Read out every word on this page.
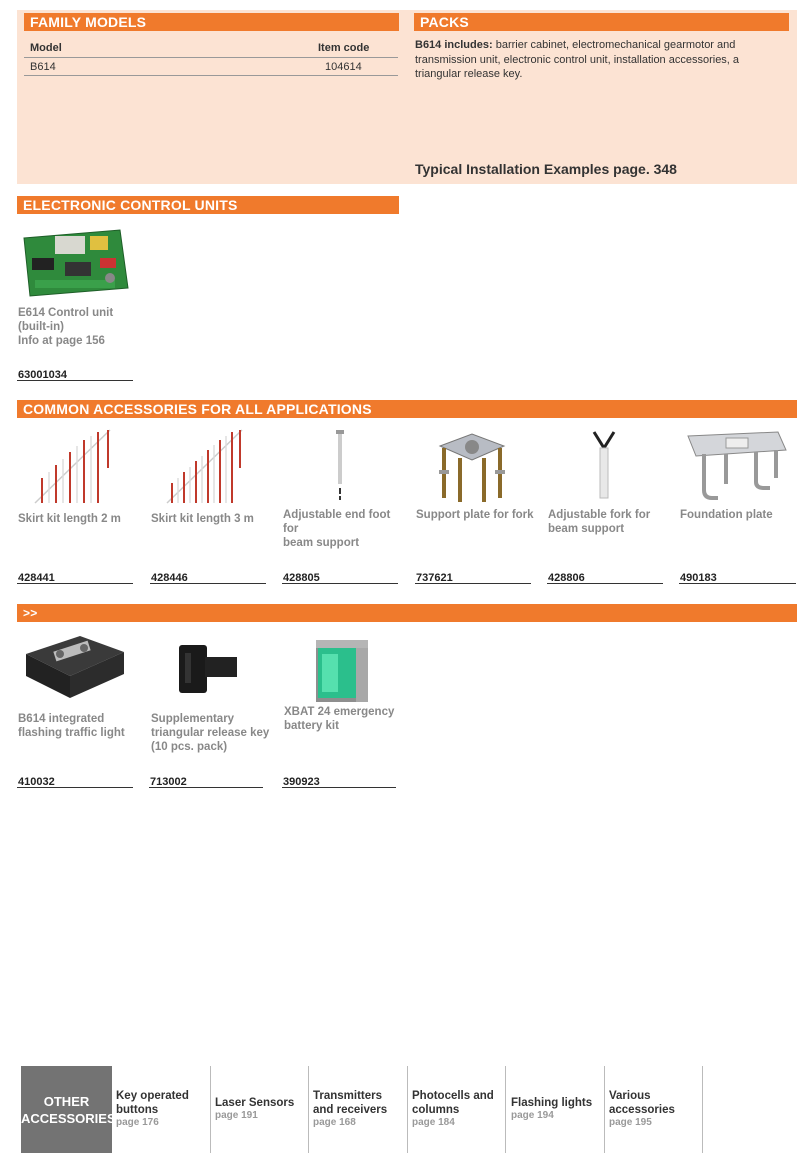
FAMILY MODELS
Model	Item code
B614	104614
PACKS
B614 includes: barrier cabinet, electromechanical gearmotor and
transmission unit, electronic control unit, installation accessories, a
triangular release key.
Typical Installation Examples page. 348
ELECTRONIC CONTROL UNITS
E614 Control unit
(built-in)
Info at page 156
63001034
COMMON ACCESSORIES FOR ALL APPLICATIONS
Skirt kit length 2 m	Skirt kit length 3 m	Adjustable end foot for
beam support
Support plate for fork	Adjustable fork for
beam support
Foundation plate
428441	428446	428805	737621	428806	490183
>>
B614 integrated
flashing traffic light
Supplementary
triangular release key
(10 pcs. pack)
XBAT 24 emergency
battery kit
410032	713002	390923
OTHER
ACCESSORIES
Key operated
buttons
page 176
Laser Sensors
page 191
Transmitters
and receivers
page 168
Photocells and
columns
page 184
Flashing lights
page 194
Various
accessories
page 195
